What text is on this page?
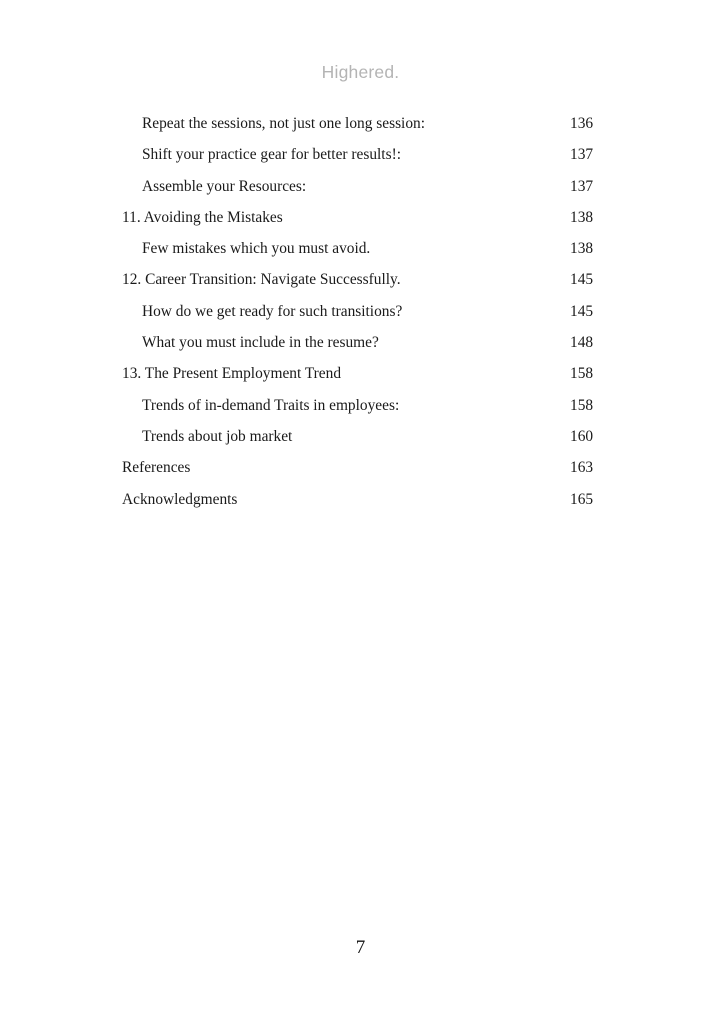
Highered.
Repeat the sessions, not just one long session:	136
Shift your practice gear for better results!:	137
Assemble your Resources:	137
11. Avoiding the Mistakes	138
Few mistakes which you must avoid.	138
12. Career Transition: Navigate Successfully.	145
How do we get ready for such transitions?	145
What you must include in the resume?	148
13. The Present Employment Trend	158
Trends of in-demand Traits in employees:	158
Trends about job market	160
References	163
Acknowledgments	165
7
